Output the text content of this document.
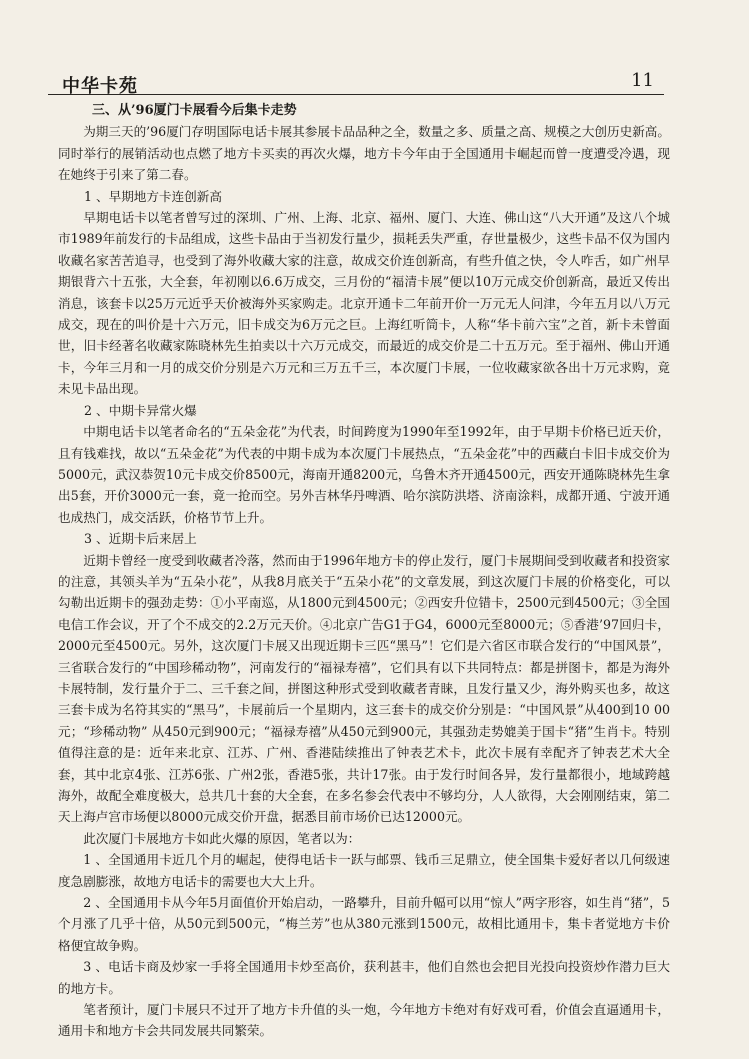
中华卡苑	11
三、从’96厦门卡展看今后集卡走势

为期三天的’96厦门存明国际电话卡展其参展卡品品种之全，数量之多、质量之高、规模之大创历史新高。同时举行的展销活动也点燃了地方卡买卖的再次火爆，地方卡今年由于全国通用卡崛起而曾一度遭受冷遇，现在她终于引来了第二春。

1 、早期地方卡连创新高

早期电话卡以笔者曾写过的深圳、广州、上海、北京、福州、厦门、大连、佛山这“八大开通”及这八个城市1989年前发行的卡品组成，这些卡品由于当初发行量少，损耗丢失严重，存世量极少，这些卡品不仅为国内收藏名家苦苦追寻，也受到了海外收藏大家的注意，故成交价连创新高，有些升值之快，令人咋舌，如广州早期银背六十五张，大全套，年初刚以6.6万成交，三月份的“福清卡展”便以10万元成交价创新高，最近又传出消息，该套卡以25万元近乎天价被海外买家购走。北京开通卡二年前开价一万元无人问津，今年五月以八万元成交，现在的叫价是十六万元，旧卡成交为6万元之巨。上海红听筒卡，人称“华卡前六宝”之首，新卡未曾面世，旧卡经著名收藏家陈晓林先生拍卖以十六万元成交，而最近的成交价是二十五万元。至于福州、佛山开通卡，今年三月和一月的成交价分别是六万元和三万五千三，本次厦门卡展，一位收藏家欲各出十万元求购，竟未见卡品出现。

2 、中期卡异常火爆

中期电话卡以笔者命名的“五朵金花”为代表，时间跨度为1990年至1992年，由于早期卡价格已近天价，且有钱难找，故以“五朵金花”为代表的中期卡成为本次厦门卡展热点，“五朵金花”中的西藏白卡旧卡成交价为5000元，武汉恭贺10元卡成交价8500元，海南开通8200元，乌鲁木齐开通4500元，西安开通陈晓林先生拿出5套，开价3000元一套，竟一抢而空。另外吉林华丹啤酒、哈尔滨防洪塔、济南涂料，成都开通、宁波开通也成热门，成交活跃，价格节节上升。

3 、近期卡后来居上

近期卡曾经一度受到收藏者冷落，然而由于1996年地方卡的停止发行，厦门卡展期间受到收藏者和投资家的注意，其领头羊为“五朵小花”，从我8月底关于“五朵小花”的文章发展，到这次厦门卡展的价格变化，可以勾勒出近期卡的强劲走势：①小平南巡，从1800元到4500元；②西安升位错卡，2500元到4500元；③全国电信工作会议，开了个不成交的2.2万元天价。④北京广告G1于G4，6000元至8000元；⑤香港’97回归卡，2000元至4500元。另外，这次厦门卡展又出现近期卡三匹“黑马”！它们是六省区市联合发行的“中国风景”，三省联合发行的“中国珍稀动物”，河南发行的“福禄寿禧”，它们具有以下共同特点：都是拼图卡，都是为海外卡展特制，发行量介于二、三千套之间，拼图这种形式受到收藏者青睐，且发行量又少，海外购买也多，故这三套卡成为名符其实的“黑马”，卡展前后一个星期内，这三套卡的成交价分别是：“中国风景”从400到10 00元；“珍稀动物” 从450元到900元；“福禄寿禧”从450元到900元，其强劲走势媲美于国卡“猪”生肖卡。特别值得注意的是：近年来北京、江苏、广州、香港陆续推出了钟表艺术卡，此次卡展有幸配齐了钟表艺术大全套，其中北京4张、江苏6张、广州2张，香港5张，共计17张。由于发行时间各异，发行量都很小，地域跨越海外，故配全难度极大，总共几十套的大全套，在多名参会代表中不够均分，人人欲得，大会刚刚结束，第二天上海卢宫市场便以8000元成交价开盘，据悉目前市场价已达12000元。

此次厦门卡展地方卡如此火爆的原因，笔者以为：

1 、全国通用卡近几个月的崛起，使得电话卡一跃与邮票、钱币三足鼎立，使全国集卡爱好者以几何级速度急剧膨涨，故地方电话卡的需要也大大上升。

2 、全国通用卡从今年5月面值价开始启动，一路攀升，目前升幅可以用“惊人”两字形容，如生肖“猪”，5个月涨了几乎十倍，从50元到500元，“梅兰芳”也从380元涨到1500元，故相比通用卡，集卡者觉地方卡价格便宜故争购。

3 、电话卡商及炒家一手将全国通用卡炒至高价，获利甚丰，他们自然也会把目光投向投资炒作潜力巨大的地方卡。

笔者预计，厦门卡展只不过开了地方卡升值的头一炮，今年地方卡绝对有好戏可看，价值会直逼通用卡，通用卡和地方卡会共同发展共同繁荣。
